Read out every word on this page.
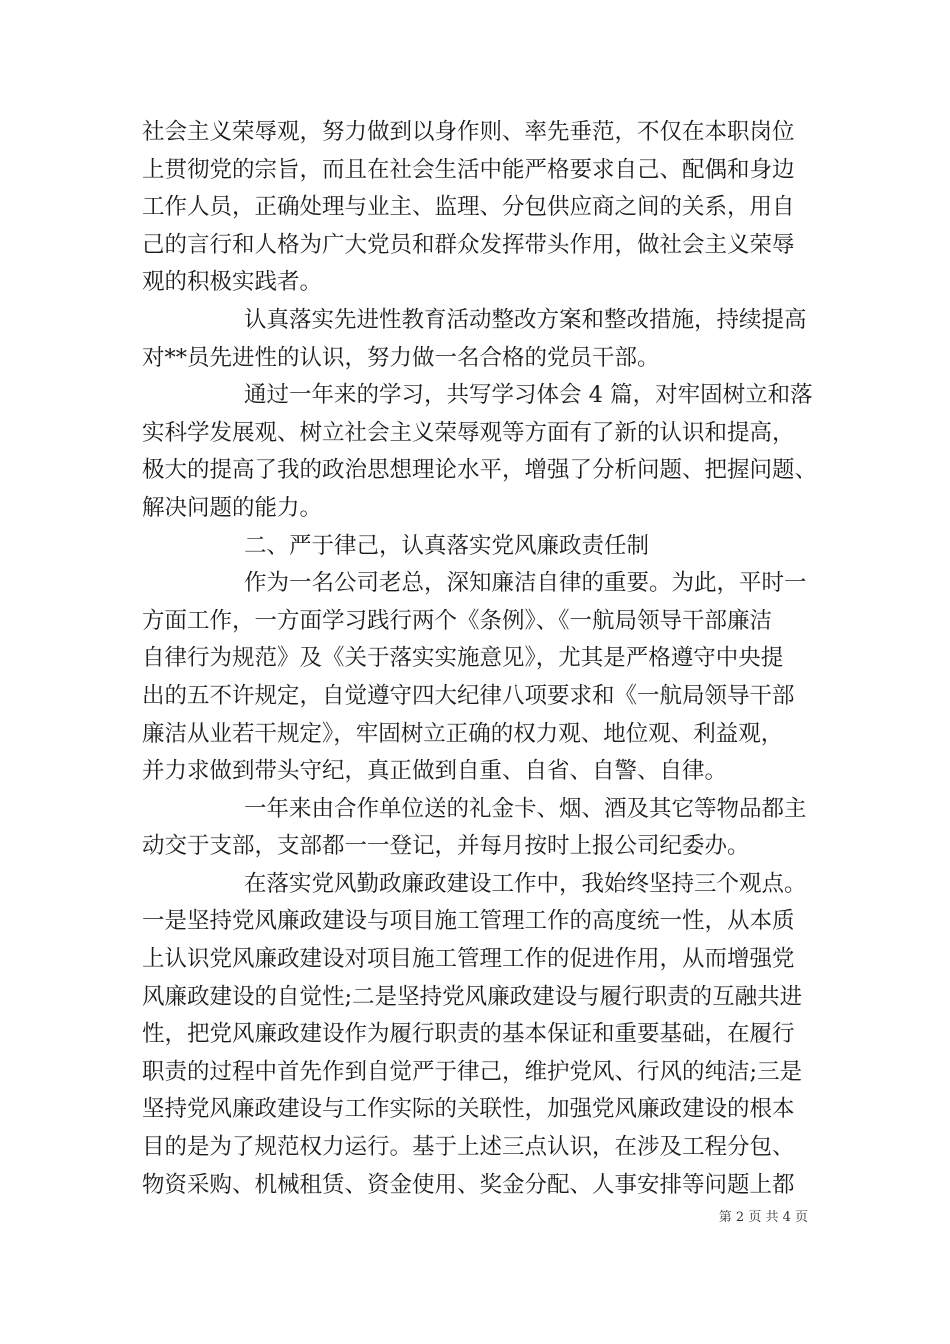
社会主义荣辱观，努力做到以身作则、率先垂范，不仅在本职岗位
上贯彻党的宗旨，而且在社会生活中能严格要求自己、配偶和身边
工作人员，正确处理与业主、监理、分包供应商之间的关系，用自
己的言行和人格为广大党员和群众发挥带头作用，做社会主义荣辱
观的积极实践者。
认真落实先进性教育活动整改方案和整改措施，持续提高
对**员先进性的认识，努力做一名合格的党员干部。
通过一年来的学习，共写学习体会 4 篇，对牢固树立和落
实科学发展观、树立社会主义荣辱观等方面有了新的认识和提高，
极大的提高了我的政治思想理论水平，增强了分析问题、把握问题、
解决问题的能力。
二、严于律己，认真落实党风廉政责任制
作为一名公司老总，深知廉洁自律的重要。为此，平时一
方面工作，一方面学习践行两个《条例》、《一航局领导干部廉洁
自律行为规范》及《关于落实实施意见》，尤其是严格遵守中央提
出的五不许规定，自觉遵守四大纪律八项要求和《一航局领导干部
廉洁从业若干规定》，牢固树立正确的权力观、地位观、利益观，
并力求做到带头守纪，真正做到自重、自省、自警、自律。
一年来由合作单位送的礼金卡、烟、酒及其它等物品都主
动交于支部，支部都一一登记，并每月按时上报公司纪委办。
在落实党风勤政廉政建设工作中，我始终坚持三个观点。
一是坚持党风廉政建设与项目施工管理工作的高度统一性，从本质
上认识党风廉政建设对项目施工管理工作的促进作用，从而增强党
风廉政建设的自觉性;二是坚持党风廉政建设与履行职责的互融共进
性，把党风廉政建设作为履行职责的基本保证和重要基础，在履行
职责的过程中首先作到自觉严于律己，维护党风、行风的纯洁;三是
坚持党风廉政建设与工作实际的关联性，加强党风廉政建设的根本
目的是为了规范权力运行。基于上述三点认识，在涉及工程分包、
物资采购、机械租赁、资金使用、奖金分配、人事安排等问题上都
第 2 页 共 4 页
